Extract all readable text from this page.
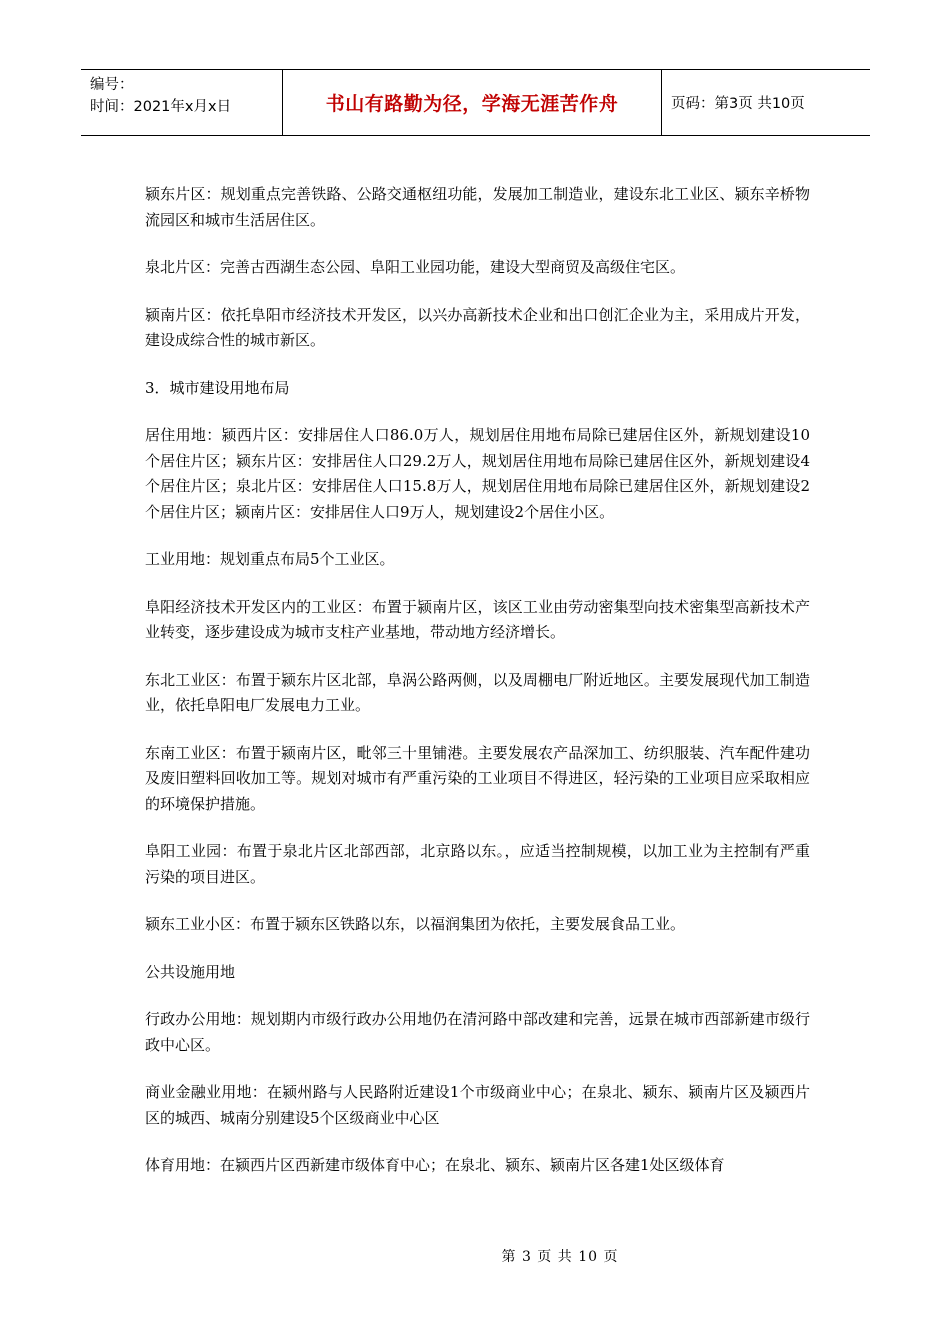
编号：
时间：2021年x月x日	书山有路勤为径，学海无涯苦作舟	页码：第3页 共10页

颍东片区：规划重点完善铁路、公路交通枢纽功能，发展加工制造业，建设东北工业区、颍东辛桥物流园区和城市生活居住区。

泉北片区：完善古西湖生态公园、阜阳工业园功能，建设大型商贸及高级住宅区。

颍南片区：依托阜阳市经济技术开发区，以兴办高新技术企业和出口创汇企业为主，采用成片开发，建设成综合性的城市新区。

3．城市建设用地布局

居住用地：颍西片区：安排居住人口86.0万人，规划居住用地布局除已建居住区外，新规划建设10个居住片区；颍东片区：安排居住人口29.2万人，规划居住用地布局除已建居住区外，新规划建设4个居住片区；泉北片区：安排居住人口15.8万人，规划居住用地布局除已建居住区外，新规划建设2个居住片区；颍南片区：安排居住人口9万人，规划建设2个居住小区。

工业用地：规划重点布局5个工业区。

阜阳经济技术开发区内的工业区：布置于颍南片区，该区工业由劳动密集型向技术密集型高新技术产业转变，逐步建设成为城市支柱产业基地，带动地方经济增长。

东北工业区：布置于颍东片区北部，阜涡公路两侧，以及周棚电厂附近地区。主要发展现代加工制造业，依托阜阳电厂发展电力工业。

东南工业区：布置于颍南片区，毗邻三十里铺港。主要发展农产品深加工、纺织服装、汽车配件建功及废旧塑料回收加工等。规划对城市有严重污染的工业项目不得进区，轻污染的工业项目应采取相应的环境保护措施。

阜阳工业园：布置于泉北片区北部西部，北京路以东。，应适当控制规模，以加工业为主控制有严重污染的项目进区。

颍东工业小区：布置于颍东区铁路以东，以福润集团为依托，主要发展食品工业。

公共设施用地

行政办公用地：规划期内市级行政办公用地仍在清河路中部改建和完善，远景在城市西部新建市级行政中心区。

商业金融业用地：在颍州路与人民路附近建设1个市级商业中心；在泉北、颍东、颍南片区及颍西片区的城西、城南分别建设5个区级商业中心区

体育用地：在颍西片区西新建市级体育中心；在泉北、颍东、颍南片区各建1处区级体育

第 3 页 共 10 页
